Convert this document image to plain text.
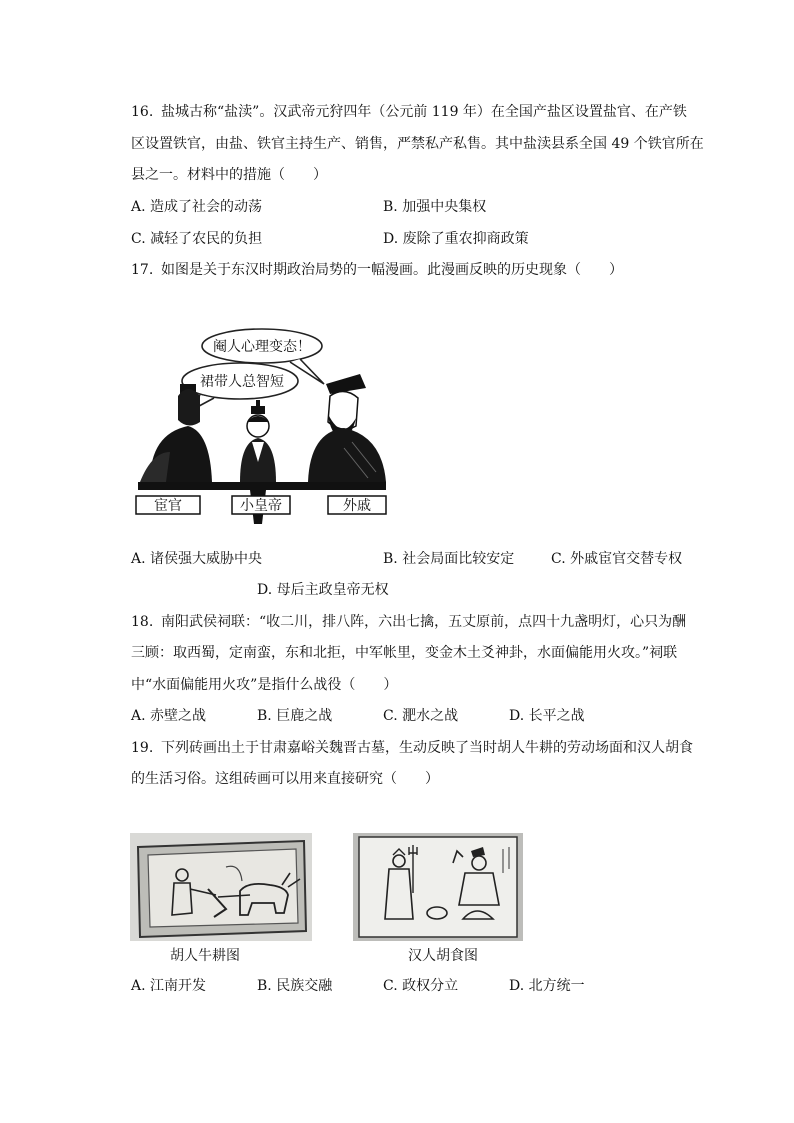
16. 盐城古称“盐渎”。汉武帝元狩四年（公元前 119 年）在全国产盐区设置盐官、在产铁
区设置铁官，由盐、铁官主持生产、销售，严禁私产私售。其中盐渎县系全国 49 个铁官所在
县之一。材料中的措施（　　）
A. 造成了社会的动荡	B. 加强中央集权
C. 减轻了农民的负担	D. 废除了重农抑商政策
17. 如图是关于东汉时期政治局势的一幅漫画。此漫画反映的历史现象（　　）
阉人心理变态！
裙带人总智短
宦官	小皇帝	外戚
A. 诸侯强大威胁中央	B. 社会局面比较安定	C. 外戚宦官交替专权
D. 母后主政皇帝无权
18. 南阳武侯祠联：“收二川，排八阵，六出七擒，五丈原前，点四十九盏明灯，心只为酬
三顾：取西蜀，定南蛮，东和北拒，中军帐里，变金木土爻神卦，水面偏能用火攻。”祠联
中“水面偏能用火攻”是指什么战役（　　）
A. 赤壁之战	B. 巨鹿之战	C. 淝水之战	D. 长平之战
19. 下列砖画出土于甘肃嘉峪关魏晋古墓，生动反映了当时胡人牛耕的劳动场面和汉人胡食
的生活习俗。这组砖画可以用来直接研究（　　）
胡人牛耕图	汉人胡食图
A. 江南开发	B. 民族交融	C. 政权分立	D. 北方统一
